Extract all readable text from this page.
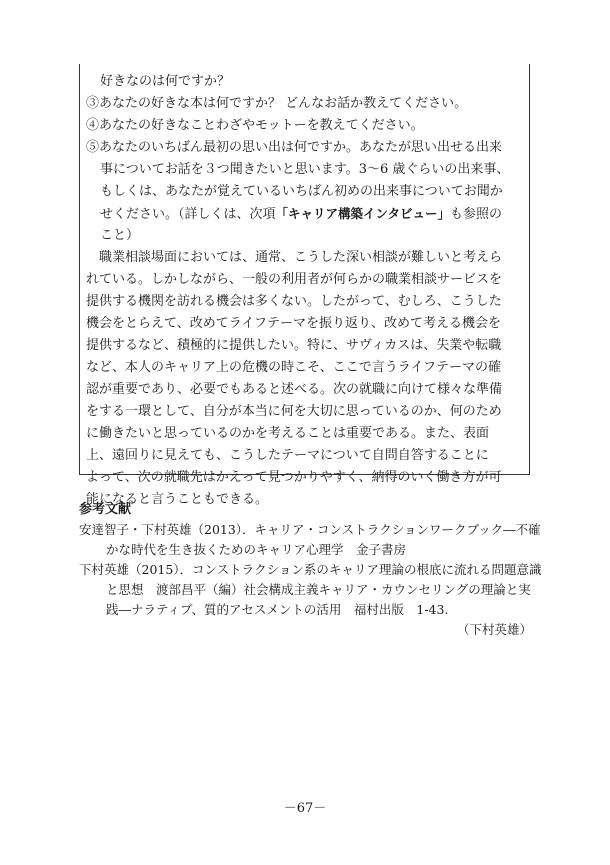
好きなのは何ですか？
③あなたの好きな本は何ですか？ どんなお話か教えてください。
④あなたの好きなことわざやモットーを教えてください。
⑤あなたのいちばん最初の思い出は何ですか。あなたが思い出せる出来
事についてお話を３つ聞きたいと思います。3～6 歳ぐらいの出来事、
もしくは、あなたが覚えているいちばん初めの出来事についてお聞か
せください。（詳しくは、次項「キャリア構築インタビュー」も参照の
こと）
　職業相談場面においては、通常、こうした深い相談が難しいと考えら
れている。しかしながら、一般の利用者が何らかの職業相談サービスを
提供する機関を訪れる機会は多くない。したがって、むしろ、こうした
機会をとらえて、改めてライフテーマを振り返り、改めて考える機会を
提供するなど、積極的に提供したい。特に、サヴィカスは、失業や転職
など、本人のキャリア上の危機の時こそ、ここで言うライフテーマの確
認が重要であり、必要でもあると述べる。次の就職に向けて様々な準備
をする一環として、自分が本当に何を大切に思っているのか、何のため
に働きたいと思っているのかを考えることは重要である。また、表面
上、遠回りに見えても、こうしたテーマについて自問自答することに
よって、次の就職先はかえって見つかりやすく、納得のいく働き方が可
能になると言うこともできる。
参考文献
安達智子・下村英雄（2013）．キャリア・コンストラクションワークブック―不確
かな時代を生き抜くためのキャリア心理学　金子書房
下村英雄（2015）．コンストラクション系のキャリア理論の根底に流れる問題意識
と思想　渡部昌平（編）社会構成主義キャリア・カウンセリングの理論と実
践―ナラティブ、質的アセスメントの活用　福村出版　1-43.
（下村英雄）
－67－
